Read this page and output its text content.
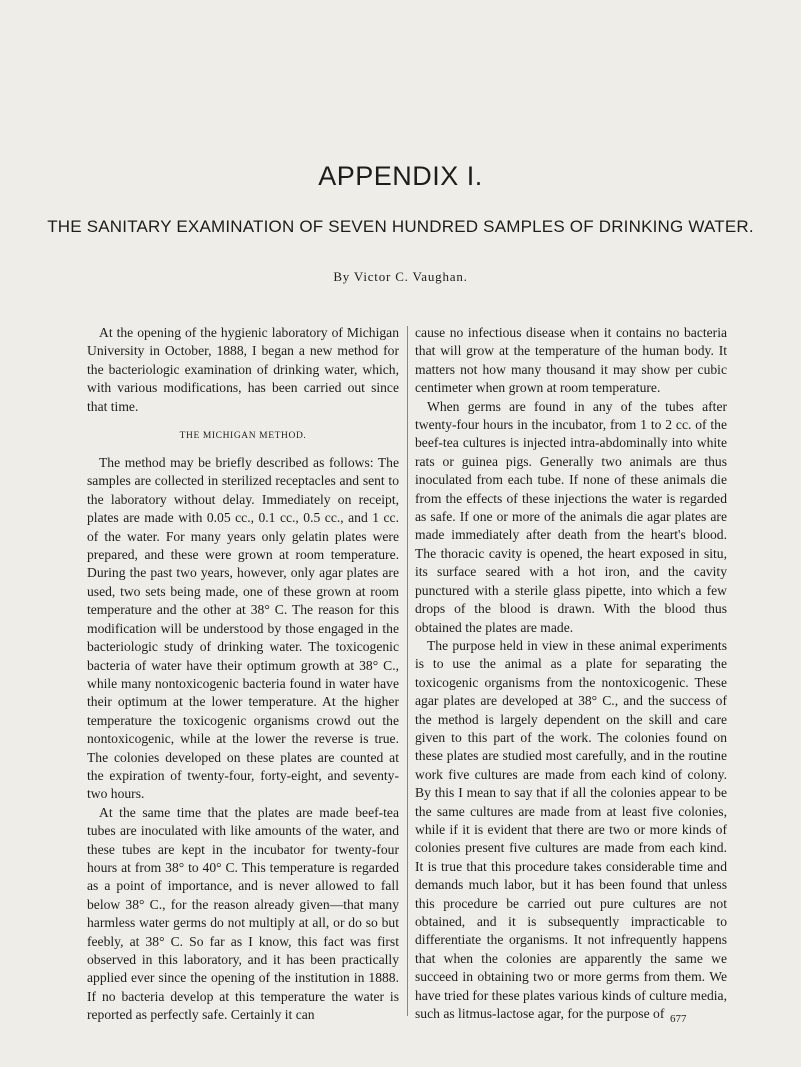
APPENDIX I.
THE SANITARY EXAMINATION OF SEVEN HUNDRED SAMPLES OF DRINKING WATER.
By Victor C. Vaughan.

At the opening of the hygienic laboratory of Michigan University in October, 1888, I began a new method for the bacteriologic examination of drinking water, which, with various modifications, has been carried out since that time.

THE MICHIGAN METHOD.

The method may be briefly described as follows: The samples are collected in sterilized receptacles and sent to the laboratory without delay. Immediately on receipt, plates are made with 0.05 cc., 0.1 cc., 0.5 cc., and 1 cc. of the water. For many years only gelatin plates were prepared, and these were grown at room temperature. During the past two years, however, only agar plates are used, two sets being made, one of these grown at room temperature and the other at 38° C. The reason for this modification will be understood by those engaged in the bacteriologic study of drinking water. The toxicogenic bacteria of water have their optimum growth at 38° C., while many nontoxicogenic bacteria found in water have their optimum at the lower temperature. At the higher temperature the toxicogenic organisms crowd out the nontoxicogenic, while at the lower the reverse is true. The colonies developed on these plates are counted at the expiration of twenty-four, forty-eight, and seventy-two hours.

At the same time that the plates are made beef-tea tubes are inoculated with like amounts of the water, and these tubes are kept in the incubator for twenty-four hours at from 38° to 40° C. This temperature is regarded as a point of importance, and is never allowed to fall below 38° C., for the reason already given—that many harmless water germs do not multiply at all, or do so but feebly, at 38° C. So far as I know, this fact was first observed in this laboratory, and it has been practically applied ever since the opening of the institution in 1888. If no bacteria develop at this temperature the water is reported as perfectly safe. Certainly it can

cause no infectious disease when it contains no bacteria that will grow at the temperature of the human body. It matters not how many thousand it may show per cubic centimeter when grown at room temperature.

When germs are found in any of the tubes after twenty-four hours in the incubator, from 1 to 2 cc. of the beef-tea cultures is injected intra-abdominally into white rats or guinea pigs. Generally two animals are thus inoculated from each tube. If none of these animals die from the effects of these injections the water is regarded as safe. If one or more of the animals die agar plates are made immediately after death from the heart's blood. The thoracic cavity is opened, the heart exposed in situ, its surface seared with a hot iron, and the cavity punctured with a sterile glass pipette, into which a few drops of the blood is drawn. With the blood thus obtained the plates are made.

The purpose held in view in these animal experiments is to use the animal as a plate for separating the toxicogenic organisms from the nontoxicogenic. These agar plates are developed at 38° C., and the success of the method is largely dependent on the skill and care given to this part of the work. The colonies found on these plates are studied most carefully, and in the routine work five cultures are made from each kind of colony. By this I mean to say that if all the colonies appear to be the same cultures are made from at least five colonies, while if it is evident that there are two or more kinds of colonies present five cultures are made from each kind. It is true that this procedure takes considerable time and demands much labor, but it has been found that unless this procedure be carried out pure cultures are not obtained, and it is subsequently impracticable to differentiate the organisms. It not infrequently happens that when the colonies are apparently the same we succeed in obtaining two or more germs from them. We have tried for these plates various kinds of culture media, such as litmus-lactose agar, for the purpose of 677
